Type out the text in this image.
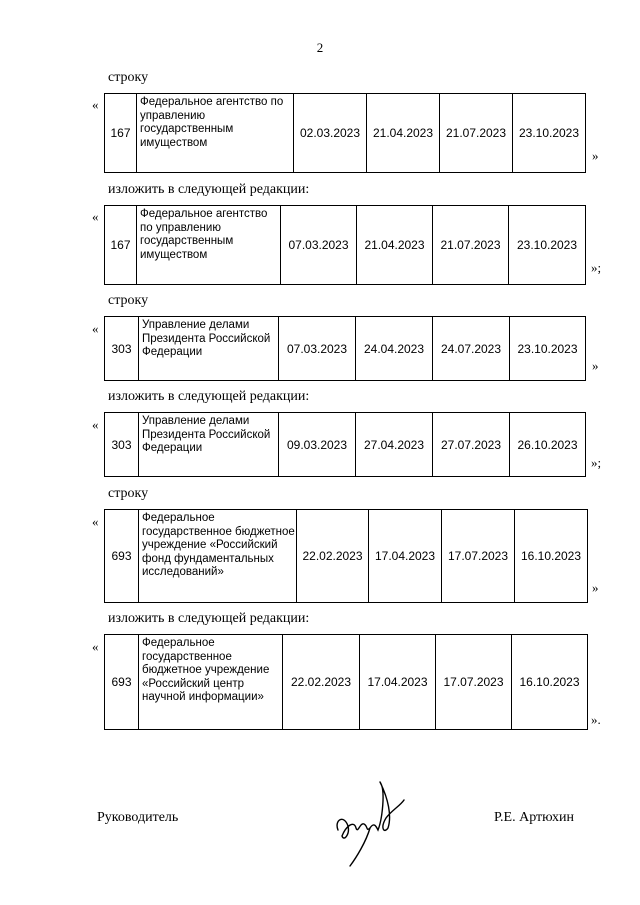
2
строку
«
167	Федеральное агентство по управлению государственным имуществом	02.03.2023	21.04.2023	21.07.2023	23.10.2023
»
изложить в следующей редакции:
«
167	Федеральное агентство по управлению государственным имуществом	07.03.2023	21.04.2023	21.07.2023	23.10.2023
»;
строку
«
303	Управление делами Президента Российской Федерации	07.03.2023	24.04.2023	24.07.2023	23.10.2023
»
изложить в следующей редакции:
«
303	Управление делами Президента Российской Федерации	09.03.2023	27.04.2023	27.07.2023	26.10.2023
»;
строку
«
693	Федеральное государственное бюджетное учреждение «Российский фонд фундаментальных исследований»	22.02.2023	17.04.2023	17.07.2023	16.10.2023
»
изложить в следующей редакции:
«
693	Федеральное государственное бюджетное учреждение «Российский центр научной информации»	22.02.2023	17.04.2023	17.07.2023	16.10.2023
».
Руководитель	Р.Е. Артюхин
